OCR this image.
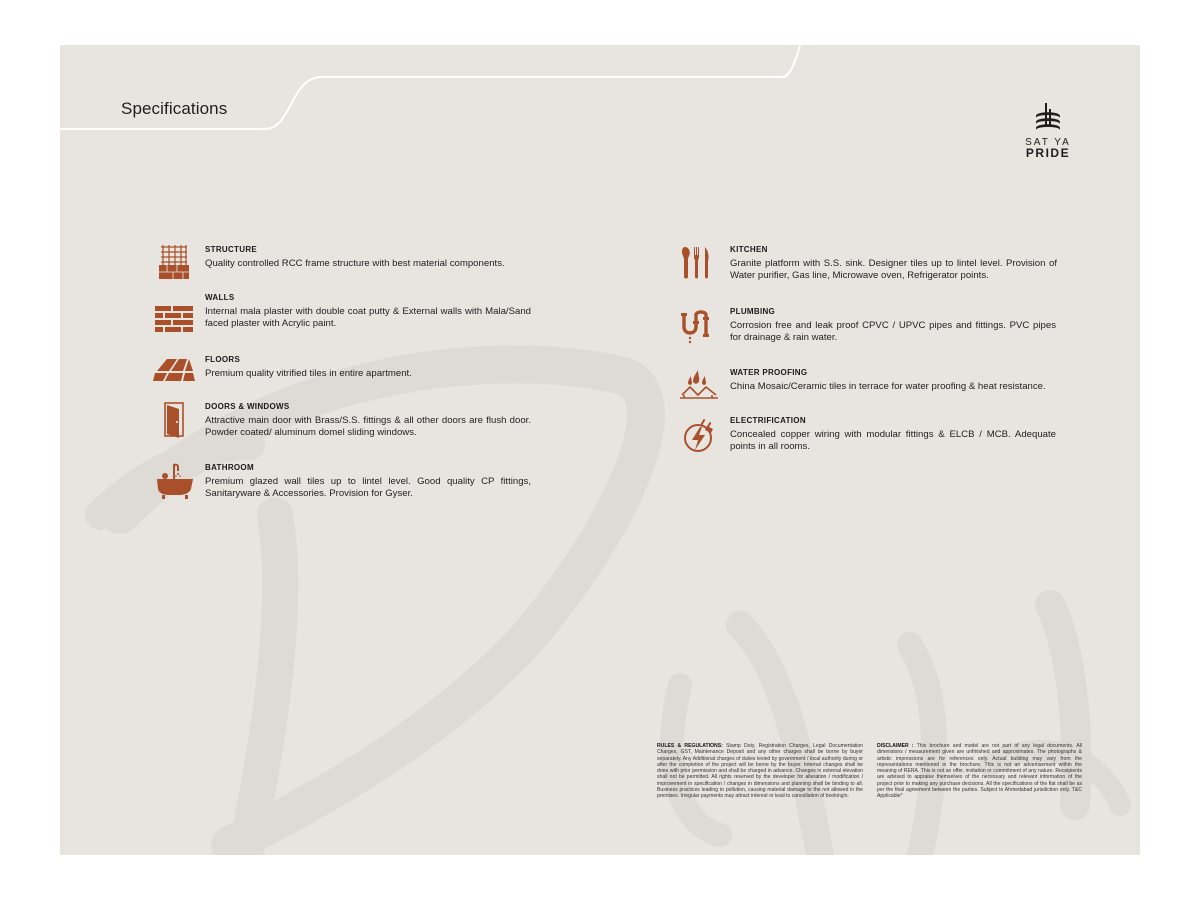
Specifications
SAT YA
PRIDE
STRUCTURE
Quality controlled RCC frame structure with best material components.
WALLS
Internal mala plaster with double coat putty & External walls with Mala/Sand faced plaster with Acrylic paint.
FLOORS
Premium quality vitrified tiles in entire apartment.
DOORS & WINDOWS
Attractive main door with Brass/S.S. fittings & all other doors are flush door. Powder coated/ aluminum domel sliding windows.
BATHROOM
Premium glazed wall tiles up to lintel level. Good quality CP fittings, Sanitaryware & Accessories. Provision for Gyser.
KITCHEN
Granite platform with S.S. sink. Designer tiles up to lintel level. Provision of Water purifier, Gas line, Microwave oven, Refrigerator points.
PLUMBING
Corrosion free and leak proof CPVC / UPVC pipes and fittings. PVC pipes for drainage & rain water.
WATER PROOFING
China Mosaic/Ceramic tiles in terrace for water proofing & heat resistance.
ELECTRIFICATION
Concealed copper wiring with modular fittings & ELCB / MCB. Adequate points in all rooms.
RULES & REGULATIONS: Stamp Duty, Registration Charges, Legal Documentation Charges, GST, Maintenance Deposit and any other charges shall be borne by buyer separately. Any Additional charges of duties levied by government / local authority during or after the completion of the project will be borne by the buyer. Internal changes shall be done with prior permission and shall be charged in advance. Changes in external elevation shall not be permitted. All rights reserved by the developer for alteration / modification / improvement in specification / changes in dimensions and planning shall be binding to all. Business practices leading to pollution, causing material damage to the not allowed in the premises. Irregular payments may attract interest or lead to cancellation of booking/s.
DISCLAIMER : This brochure and model are not part of any legal documents. All dimensions / measurement given are unfinished and approximates. The photographs & artistic impressions are for references only. Actual building may vary from the representations mentioned in the brochure. This is not an advertisement within the meaning of RERA. This is not an offer, invitation or commitment of any nature. Receipients are advised to appraise themselves of the necessary and relevant information of the project prior to making any purchase decisions. All the specifications of the flat shall be as per the final agreement between the parties. Subject to Ahmedabad jurisdiction only. T&C Applicable*
